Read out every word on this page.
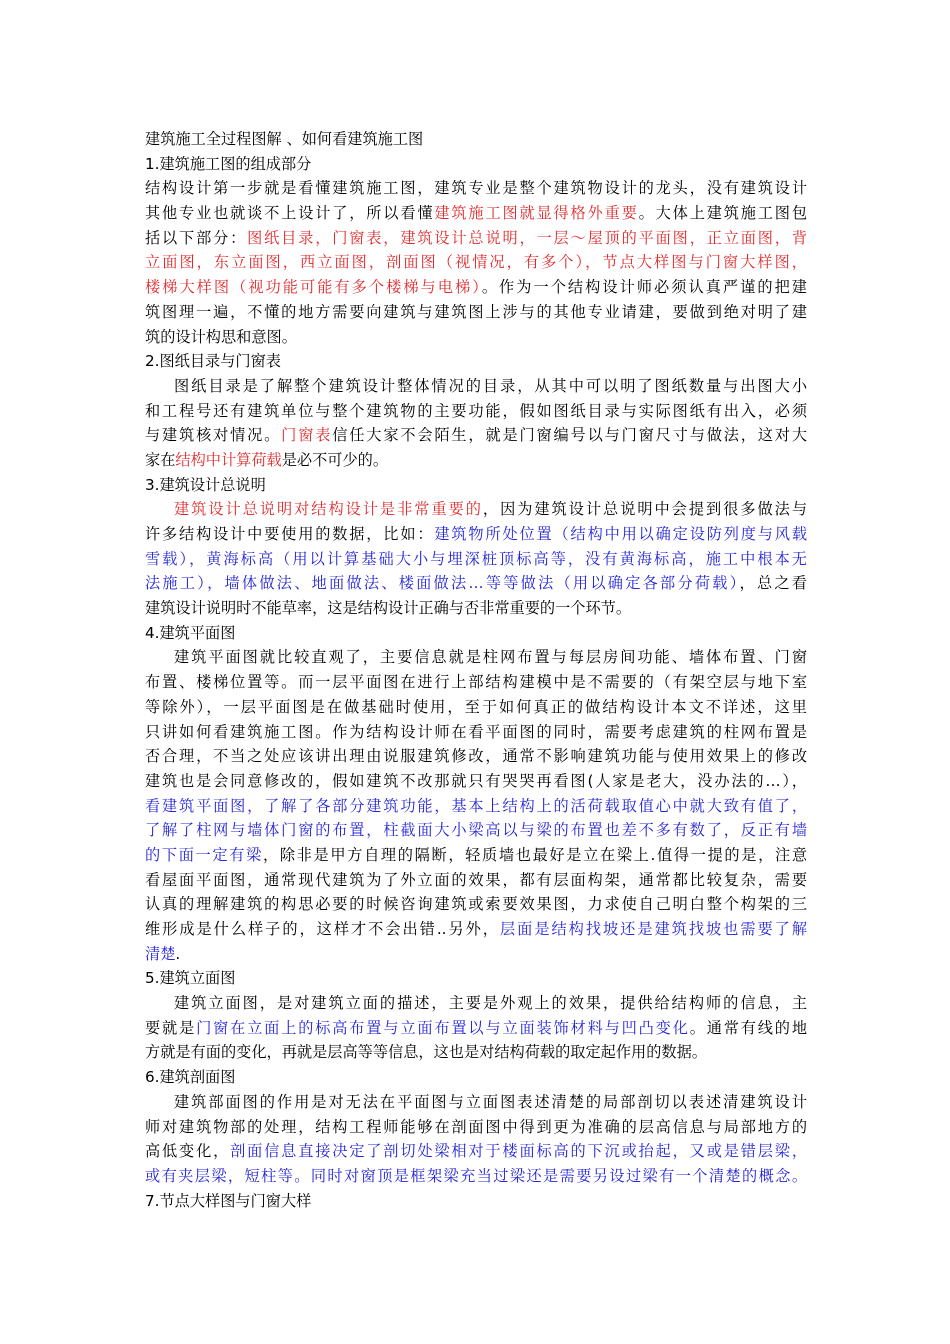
建筑施工全过程图解 、如何看建筑施工图
1.建筑施工图的组成部分
结构设计第一步就是看懂建筑施工图，建筑专业是整个建筑物设计的龙头，没有建筑设计
其他专业也就谈不上设计了，所以看懂建筑施工图就显得格外重要。大体上建筑施工图包
括以下部分：图纸目录，门窗表，建筑设计总说明，一层～屋顶的平面图，正立面图，背
立面图，东立面图，西立面图，剖面图（视情况，有多个），节点大样图与门窗大样图，
楼梯大样图（视功能可能有多个楼梯与电梯）。作为一个结构设计师必须认真严谨的把建
筑图理一遍，不懂的地方需要向建筑与建筑图上涉与的其他专业请建，要做到绝对明了建
筑的设计构思和意图。
2.图纸目录与门窗表
图纸目录是了解整个建筑设计整体情况的目录，从其中可以明了图纸数量与出图大小
和工程号还有建筑单位与整个建筑物的主要功能，假如图纸目录与实际图纸有出入，必须
与建筑核对情况。门窗表信任大家不会陌生，就是门窗编号以与门窗尺寸与做法，这对大
家在结构中计算荷载是必不可少的。
3.建筑设计总说明
建筑设计总说明对结构设计是非常重要的，因为建筑设计总说明中会提到很多做法与
许多结构设计中要使用的数据，比如：建筑物所处位置（结构中用以确定设防列度与风载
雪载），黄海标高（用以计算基础大小与埋深桩顶标高等，没有黄海标高，施工中根本无
法施工），墙体做法、地面做法、楼面做法…等等做法（用以确定各部分荷载），总之看
建筑设计说明时不能草率，这是结构设计正确与否非常重要的一个环节。
4.建筑平面图
建筑平面图就比较直观了，主要信息就是柱网布置与每层房间功能、墙体布置、门窗
布置、楼梯位置等。而一层平面图在进行上部结构建模中是不需要的（有架空层与地下室
等除外），一层平面图是在做基础时使用，至于如何真正的做结构设计本文不详述，这里
只讲如何看建筑施工图。作为结构设计师在看平面图的同时，需要考虑建筑的柱网布置是
否合理，不当之处应该讲出理由说服建筑修改，通常不影响建筑功能与使用效果上的修改
建筑也是会同意修改的，假如建筑不改那就只有哭哭再看图(人家是老大，没办法的…），
看建筑平面图，了解了各部分建筑功能，基本上结构上的活荷载取值心中就大致有值了，
了解了柱网与墙体门窗的布置，柱截面大小梁高以与梁的布置也差不多有数了，反正有墙
的下面一定有梁，除非是甲方自理的隔断，轻质墙也最好是立在梁上.值得一提的是，注意
看屋面平面图，通常现代建筑为了外立面的效果，都有层面构架，通常都比较复杂，需要
认真的理解建筑的构思必要的时候咨询建筑或索要效果图，力求使自己明白整个构架的三
维形成是什么样子的，这样才不会出错..另外，层面是结构找坡还是建筑找坡也需要了解
清楚.
5.建筑立面图
建筑立面图，是对建筑立面的描述，主要是外观上的效果，提供给结构师的信息，主
要就是门窗在立面上的标高布置与立面布置以与立面装饰材料与凹凸变化。通常有线的地
方就是有面的变化，再就是层高等等信息，这也是对结构荷载的取定起作用的数据。
6.建筑剖面图
建筑部面图的作用是对无法在平面图与立面图表述清楚的局部剖切以表述清建筑设计
师对建筑物部的处理，结构工程师能够在剖面图中得到更为准确的层高信息与局部地方的
高低变化，剖面信息直接决定了剖切处梁相对于楼面标高的下沉或抬起，又或是错层梁，
或有夹层梁，短柱等。同时对窗顶是框架梁充当过梁还是需要另设过梁有一个清楚的概念。
7.节点大样图与门窗大样
